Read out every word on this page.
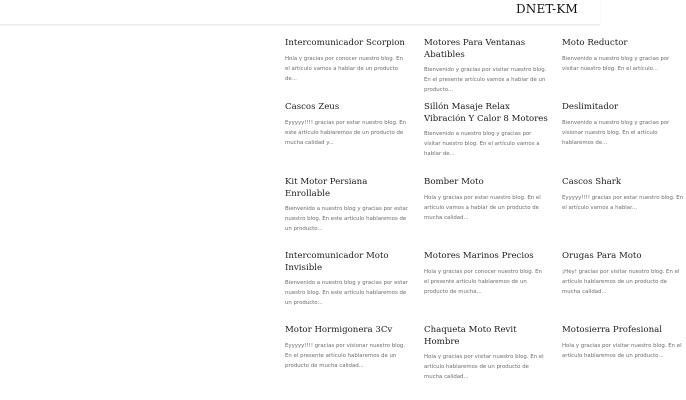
DNET-KM
Intercomunicador Scorpion

Hola y gracias por conocer nuestro blog. En el artículo vamos a hablar de un producto de...

Motores Para Ventanas Abatibles

Bienvenido y gracias por visitar nuestro blog. En el presente artículo vamos a hablar de un producto...

Moto Reductor

Bienvenido a nuestro blog y gracias por visitar nuestro blog. En el artículo...

Cascos Zeus

Eyyyyy!!!! gracias por estar nuestro blog. En este artículo hablaremos de un producto de mucha calidad y...

Sillón Masaje Relax Vibración Y Calor 8 Motores

Bienvenido a nuestro blog y gracias por visitar nuestro blog. En el artículo vamos a hablar de...

Deslimitador

Bienvenido a nuestro blog y gracias por visionar nuestro blog. En el artículo hablaremos de...

Kit Motor Persiana Enrollable

Bienvenido a nuestro blog y gracias por estar nuestro blog. En este artículo hablaremos de un producto...

Bomber Moto

Hola y gracias por estar nuestro blog. En el artículo vamos a hablar de un producto de mucha calidad...

Cascos Shark

Eyyyyy!!!! gracias por estar nuestro blog. En el artículo vamos a hablar...

Intercomunicador Moto Invisible

Bienvenido a nuestro blog y gracias por estar nuestro blog. En este artículo hablaremos de un producto...

Motores Marinos Precios

Hola y gracias por conocer nuestro blog. En el presente artículo hablaremos de un producto de mucha...

Orugas Para Moto

¡Hey! gracias por visitar nuestro blog. En el artículo hablaremos de un producto de mucha calidad...

Motor Hormigonera 3Cv

Eyyyyy!!!! gracias por visionar nuestro blog. En el presente artículo hablaremos de un producto de mucha calidad...

Chaqueta Moto Revit Hombre

Hola y gracias por visitar nuestro blog. En el artículo hablaremos de un producto de mucha calidad...

Motosierra Profesional

Hola y gracias por visitar nuestro blog. En el artículo hablaremos de un producto...
